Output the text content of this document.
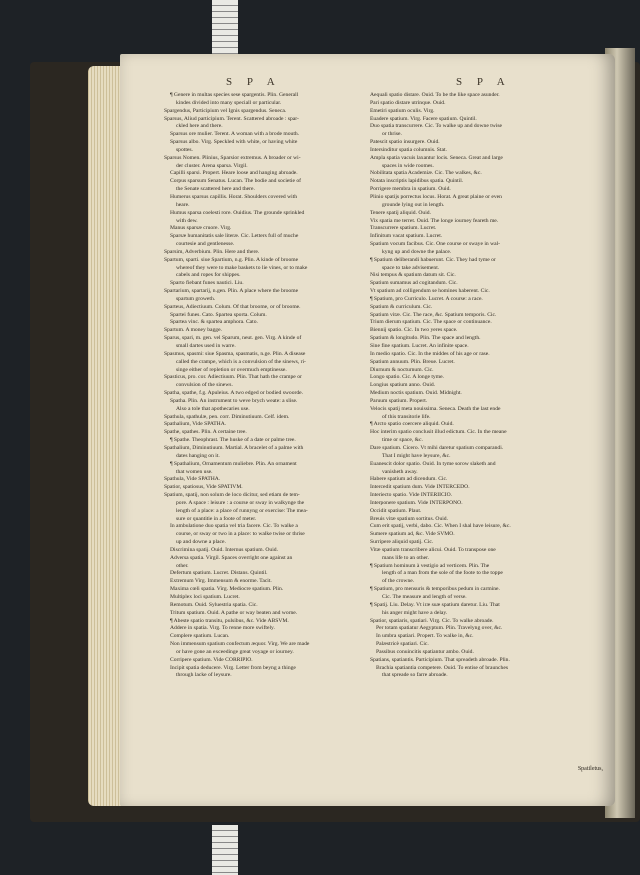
S P A	S P A
¶ Genere in multas species sese spargentis. Plin. Generall
kindes divided into many speciall or particular.
Spargendus, Participium vel Ignis spargendus. Seneca.
Sparsus, Aliud participium. Terent. Scattered abroade : spar-
ckled here and there.
Sparsus ore mulier. Terent. A woman with a brode mouth.
Sparsus albo. Virg. Speckled with white, or having white
spottes.
Sparsus Nomen. Plinius, Sparsior extremus. A broader or wi-
der cluster. Arena sparsa. Virgil.
Capilli sparsi. Propert. Heare loose and hanging abroade.
Corpus sparsum Senatus. Lucan. The bodie and societie of
the Senate scattered here and there.
Humerus sparsus capillis. Horat. Shoulders covered with
heare.
Humus sparsa coelesti rore. Ouidius. The grounde sprinkled
with dew.
Manus sparsæ cruore. Virg.
Sparsæ humanitatis sale literæ. Cic. Letters full of muche
courtesie and gentlenesse.
Sparsim, Adverbium. Plin. Here and there.
Spartum, sparti. siue Spartium, n.g. Plin. A kinde of broome
whereof they were to make baskets to lie vines, or to make
cabels and ropes for shippes.
Sparto fiebant funes nautici. Liu.
Spartarium, spartarij, n.gen. Plin. A place where the broome
spartum groweth.
Sparteus, Adiectiuum. Colum. Of that broome, or of broome.
Spartei funes. Cato. Spartea sporta. Colum.
Spartea vinc. & spartea amphora. Cato.
Spartum. A money bagge.
Sparus, spari, m. gen. vel Sparum, neut. gen. Virg. A kinde of
small dartes used in warre.
Spasmus, spasmi: siue Spasma, spasmatis, n.ge. Plin. A disease
called the crampe, which is a convulsion of the sinews, ri-
singe either of repletion or overmuch emptinesse.
Spasticus, pro. cor. Adiectiuum. Plin. That hath the crampe or
convulsion of the sinews.
Spatha, spathe, f.g. Apuleius. A two edged or bodied swoorde.
Spatha. Plin. An instrument to weve brych weate: a slise.
Also a tole that apothecaries use.
Spathula, spathulæ, pen. corr. Diminutiuum. Celf. idem.
Spathalium, Vide SPATHA.
Spathe, spathes. Plin. A certaine tree.
¶ Spathe. Theophrast. The huske of a date or palme tree.
Spathalium, Diminutiuum. Martial. A bracelet of a palme with
dates hanging on it.
¶ Spathalium, Ornamentum muliebre. Plin. An ornament
that women use.
Spathula, Vide SPATHA.
Spatior, spatiosus, Vide SPATIVM.
Spatium, spatij, non solum de loco dicitur, sed etiam de tem-
pore. A space : leisure : a course or sway in walkynge the
length of a place: a place of runnyng or exercise: The mea-
sure or quantitie in a foote of meter.
In ambulatione duo spatia vel tria facere. Cic. To walke a
course, or sway or two in a place: to walke twise or thrise
up and downe a place.
Discrimina spatij. Ouid. Internus spatium. Ouid.
Adversa spatia. Virgil. Spaces overright one against an
other.
Defertum spatium. Lucret. Distans. Quintil.
Extremum Virg. Immensum & enorme. Tacit.
Maxima cœli spatia. Virg. Mediocre spatium. Plin.
Multiplex loci spatium. Lucret.
Remotum. Ouid. Syluestria spatia. Cic.
Tritum spatium. Ouid. A pathe or way beaten and worne.
¶ Abeste spatio transitu, pulsibus, &c. Vide ABSVM.
Addere in spatia. Virg. To renne more swiftely.
Complere spatium. Lucan.
Non immensum spatium confectum æquor. Virg. We are made
or have gone an exceedinge great voyage or iourney.
Corripere spatium. Vide CORRIPIO.
Incipit spatia deducere. Virg. Letter from beyng a thinge
through lacke of leysure.
Aequali spatio distare. Ouid. To be the like space asunder.
Pari spatio distare utrinque. Ouid.
Emetiri spatium oculis. Virg.
Euadere spatium. Virg. Facere spatium. Quintil.
Duo spatia transcurrere. Cic. To walke up and downe twise
or thrise.
Patescit spatio insurgere. Ouid.
Intersinditur spatia columnis. Stat.
Ampla spatia vacuis laxantur locis. Seneca. Great and large
spaces in wide roomes.
Nobilitata spatia Academiæ. Cic. The walkes, &c.
Notata inscriptis lapidibus spatia. Quintil.
Porrigere membra in spatium. Ouid.
Plinio spatijs porrectus locus. Horat. A great plaine or even
grounde lying out in length.
Tenere spatij aliquid. Ouid.
Vix spatia me terret. Ouid. The longe iourney feareth me.
Transcurrere spatium. Lucret.
Infinitum vacat spatium. Lucret.
Spatium vocum facibus. Cic. One course or swaye in wal-
kyng up and downe the palace.
¶ Spatium deliberandi habuerunt. Cic. They had tyme or
space to take advisement.
Nisi tempus & spatium datum sit. Cic.
Spatium sumamus ad cogitandum. Cic.
Vt spatium ad colligendum se homines haberent. Cic.
¶ Spatium, pro Curriculo. Lucret. A course: a race.
Spatium & curriculum. Cic.
Spatium vitæ. Cic. The race, &c. Spatium temporis. Cic.
Trium dierum spatium. Cic. The space or continuance.
Biennij spatio. Cic. In two yeres space.
Spatium & longitudo. Plin. The space and length.
Sine fine spatium. Lucret. An infinite space.
In medio spatio. Cic. In the middes of his age or rase.
Spatium annuum. Plin. Breue. Lucret.
Diurnum & nocturnum. Cic.
Longo spatio. Cic. A longe tyme.
Longius spatium anno. Ouid.
Medium noctis spatium. Ouid. Midnight.
Paruum spatium. Propert.
Velocis spatij meta nouissima. Seneca. Death the last ende
of this transitorie life.
¶ Arcto spatio coercere aliquid. Ouid.
Hoc interim spatio conclusit illud edictum. Cic. In the meane
time or space, &c.
Dare spatium. Cicero. Vt mihi daretur spatium comparandi.
That I might have leysure, &c.
Euanescit dolor spatio. Ouid. In tyme sorow slaketh and
vanisheth away.
Habere spatium ad dicendum. Cic.
Intercedit spatium dum. Vide INTERCEDO.
Interiecto spatio. Vide INTERIICIO.
Interponere spatium. Vide INTERPONO.
Occidit spatium. Plaut.
Breuis vitæ spatium sortitus. Ouid.
Cum erit spatij, verbi, dabo. Cic. When I shal have leisure, &c.
Sumere spatium ad, &c. Vide SVMO.
Surripere aliquid spatij. Cic.
Vitæ spatium transcribere alicui. Ouid. To transpose one
mans life to an other.
¶ Spatium hominum à vestigio ad verticem. Plin. The
length of a man from the sole of the foote to the toppe
of the crowne.
¶ Spatium, pro mensuris & temporibus pedum in carmine.
Cic. The measure and length of verse.
¶ Spatij. Liu. Delay. Vt iræ suæ spatium daretur. Liu. That
his anger might have a delay.
Spatior, spatiaris, spatiari. Virg. Cic. To walke abroade.
Per totam spatiatur Aegyptum. Plin. Travelyng over, &c.
In umbra spatiari. Propert. To walke in, &c.
Palæstricè spatiari. Cic.
Passibus conuincitis spatiantur ambo. Ouid.
Spatians, spatiantis. Participium. That spreadeth abroade. Plin.
Brachia spatiantia competere. Ouid. To entise of braunches
that spreade so farre abroade.
Spatiletus,
